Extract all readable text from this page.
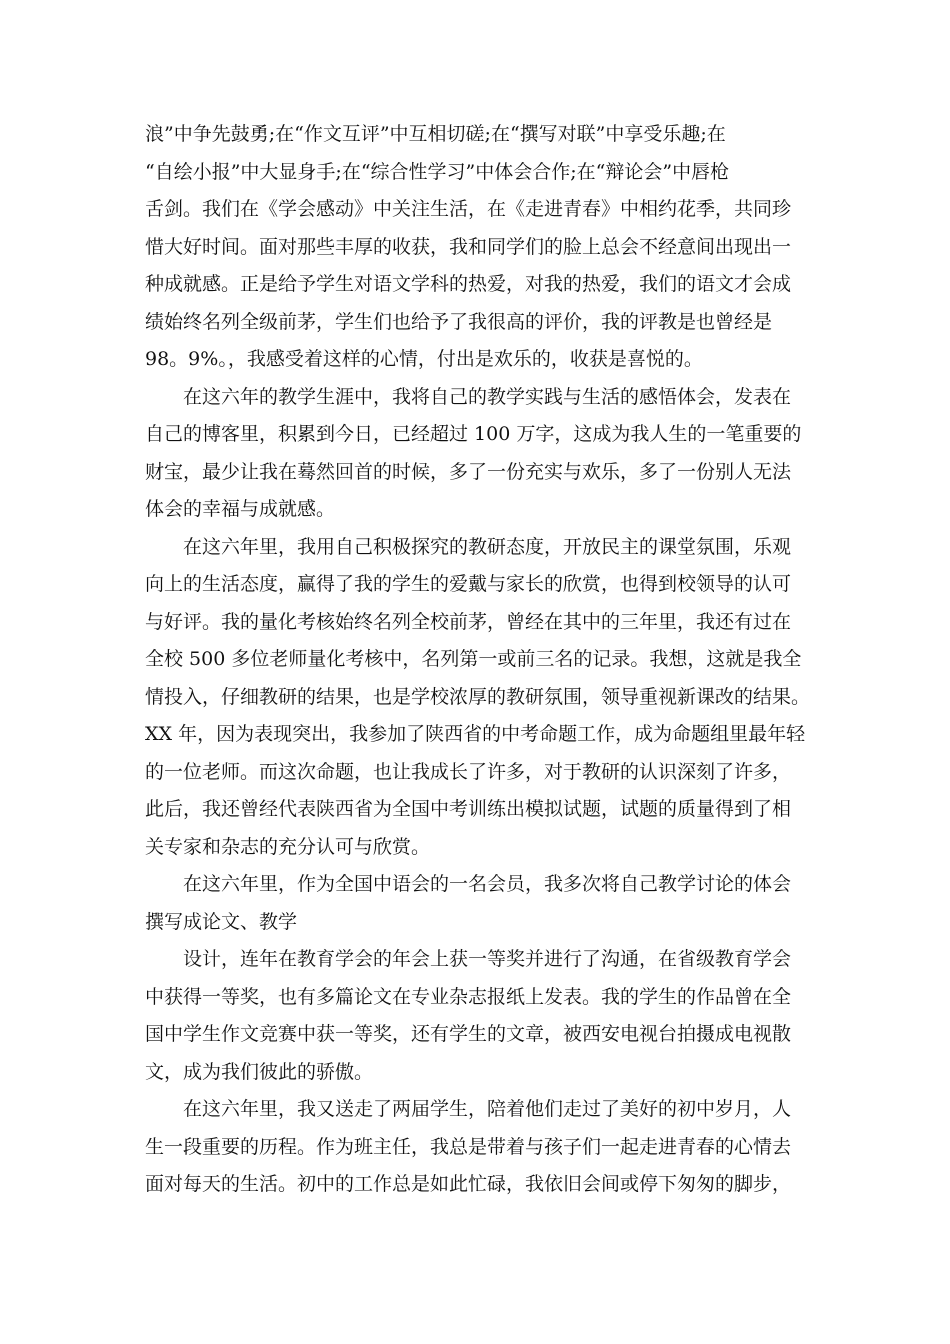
浪”中争先鼓勇;在“作文互评”中互相切磋;在“撰写对联”中享受乐趣;在
“自绘小报”中大显身手;在“综合性学习”中体会合作;在“辩论会”中唇枪
舌剑。我们在《学会感动》中关注生活，在《走进青春》中相约花季，共同珍
惜大好时间。面对那些丰厚的收获，我和同学们的脸上总会不经意间出现出一
种成就感。正是给予学生对语文学科的热爱，对我的热爱，我们的语文才会成
绩始终名列全级前茅，学生们也给予了我很高的评价，我的评教是也曾经是
98。9%。，我感受着这样的心情，付出是欢乐的，收获是喜悦的。
在这六年的教学生涯中，我将自己的教学实践与生活的感悟体会，发表在
自己的博客里，积累到今日，已经超过 100 万字，这成为我人生的一笔重要的
财宝，最少让我在蓦然回首的时候，多了一份充实与欢乐，多了一份别人无法
体会的幸福与成就感。
在这六年里，我用自己积极探究的教研态度，开放民主的课堂氛围，乐观
向上的生活态度，赢得了我的学生的爱戴与家长的欣赏，也得到校领导的认可
与好评。我的量化考核始终名列全校前茅，曾经在其中的三年里，我还有过在
全校 500 多位老师量化考核中，名列第一或前三名的记录。我想，这就是我全
情投入，仔细教研的结果，也是学校浓厚的教研氛围，领导重视新课改的结果。
XX 年，因为表现突出，我参加了陕西省的中考命题工作，成为命题组里最年轻
的一位老师。而这次命题，也让我成长了许多，对于教研的认识深刻了许多，
此后，我还曾经代表陕西省为全国中考训练出模拟试题，试题的质量得到了相
关专家和杂志的充分认可与欣赏。
在这六年里，作为全国中语会的一名会员，我多次将自己教学讨论的体会
撰写成论文、教学
设计，连年在教育学会的年会上获一等奖并进行了沟通，在省级教育学会
中获得一等奖，也有多篇论文在专业杂志报纸上发表。我的学生的作品曾在全
国中学生作文竞赛中获一等奖，还有学生的文章，被西安电视台拍摄成电视散
文，成为我们彼此的骄傲。
在这六年里，我又送走了两届学生，陪着他们走过了美好的初中岁月，人
生一段重要的历程。作为班主任，我总是带着与孩子们一起走进青春的心情去
面对每天的生活。初中的工作总是如此忙碌，我依旧会间或停下匆匆的脚步，
